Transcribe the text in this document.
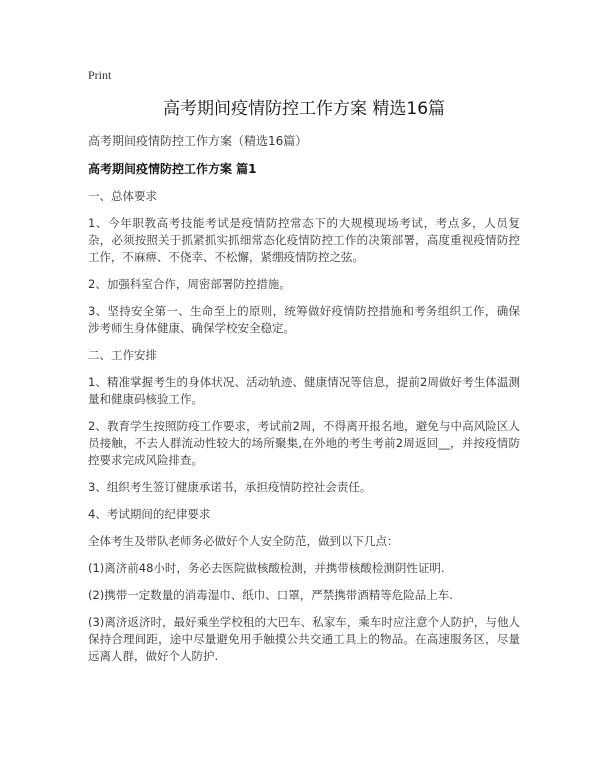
Print
高考期间疫情防控工作方案 精选16篇

高考期间疫情防控工作方案（精选16篇）

高考期间疫情防控工作方案 篇1

一、总体要求

1、今年职教高考技能考试是疫情防控常态下的大规模现场考试，考点多，人员复杂，必须按照关于抓紧抓实抓细常态化疫情防控工作的决策部署，高度重视疫情防控工作，不麻痹、不侥幸、不松懈，紧绷疫情防控之弦。

2、加强科室合作，周密部署防控措施。

3、坚持安全第一、生命至上的原则，统筹做好疫情防控措施和考务组织工作，确保涉考师生身体健康、确保学校安全稳定。

二、工作安排

1、精准掌握考生的身体状况、活动轨迹、健康情况等信息，提前2周做好考生体温测量和健康码核验工作。

2、教育学生按照防疫工作要求，考试前2周，不得离开报名地，避免与中高风险区人员接触，不去人群流动性较大的场所聚集,在外地的考生考前2周返回__，并按疫情防控要求完成风险排查。

3、组织考生签订健康承诺书，承担疫情防控社会责任。

4、考试期间的纪律要求

全体考生及带队老师务必做好个人安全防范，做到以下几点：

(1)离济前48小时，务必去医院做核酸检测，并携带核酸检测阴性证明.

(2)携带一定数量的消毒湿巾、纸巾、口罩，严禁携带酒精等危险品上车.

(3)离济返济时，最好乘坐学校租的大巴车、私家车，乘车时应注意个人防护，与他人保持合理间距，途中尽量避免用手触摸公共交通工具上的物品。在高速服务区，尽量远离人群，做好个人防护.
